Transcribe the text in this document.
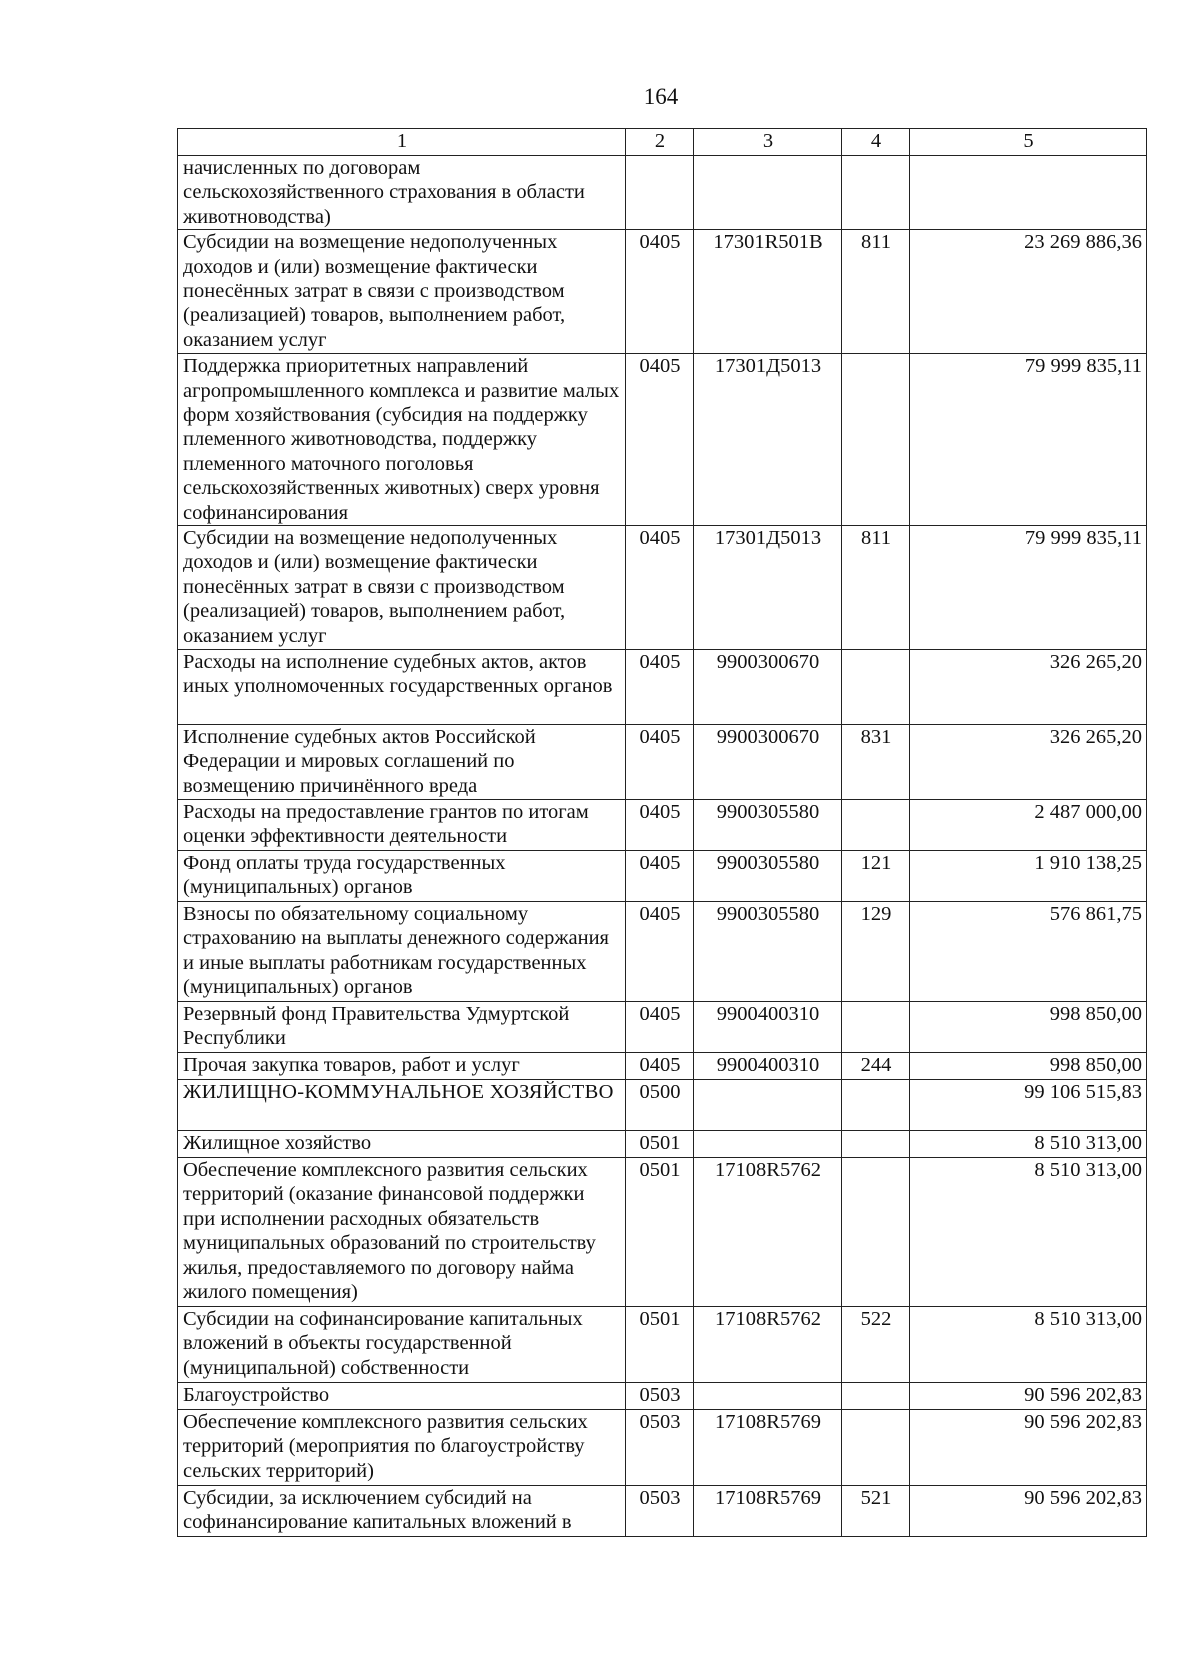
164
1	2	3	4	5
начисленных по договорам сельскохозяйственного страхования в области животноводства)				
Субсидии на возмещение недополученных доходов и (или) возмещение фактически понесённых затрат в связи с производством (реализацией) товаров, выполнением работ, оказанием услуг	0405	17301R501B	811	23 269 886,36
Поддержка приоритетных направлений агропромышленного комплекса и развитие малых форм хозяйствования (субсидия на поддержку племенного животноводства, поддержку племенного маточного поголовья сельскохозяйственных животных) сверх уровня софинансирования	0405	17301Д5013		79 999 835,11
Субсидии на возмещение недополученных доходов и (или) возмещение фактически понесённых затрат в связи с производством (реализацией) товаров, выполнением работ, оказанием услуг	0405	17301Д5013	811	79 999 835,11
Расходы на исполнение судебных актов, актов иных уполномоченных государственных органов	0405	9900300670		326 265,20
Исполнение судебных актов Российской Федерации и мировых соглашений по возмещению причинённого вреда	0405	9900300670	831	326 265,20
Расходы на предоставление грантов по итогам оценки эффективности деятельности	0405	9900305580		2 487 000,00
Фонд оплаты труда государственных (муниципальных) органов	0405	9900305580	121	1 910 138,25
Взносы по обязательному социальному страхованию на выплаты денежного содержания и иные выплаты работникам государственных (муниципальных) органов	0405	9900305580	129	576 861,75
Резервный фонд Правительства Удмуртской Республики	0405	9900400310		998 850,00
Прочая закупка товаров, работ и услуг	0405	9900400310	244	998 850,00
ЖИЛИЩНО-КОММУНАЛЬНОЕ ХОЗЯЙСТВО	0500			99 106 515,83
Жилищное хозяйство	0501			8 510 313,00
Обеспечение комплексного развития сельских территорий (оказание финансовой поддержки при исполнении расходных обязательств муниципальных образований по строительству жилья, предоставляемого по договору найма жилого помещения)	0501	17108R5762		8 510 313,00
Субсидии на софинансирование капитальных вложений в объекты государственной (муниципальной) собственности	0501	17108R5762	522	8 510 313,00
Благоустройство	0503			90 596 202,83
Обеспечение комплексного развития сельских территорий (мероприятия по благоустройству сельских территорий)	0503	17108R5769		90 596 202,83
Субсидии, за исключением субсидий на софинансирование капитальных вложений в	0503	17108R5769	521	90 596 202,83
